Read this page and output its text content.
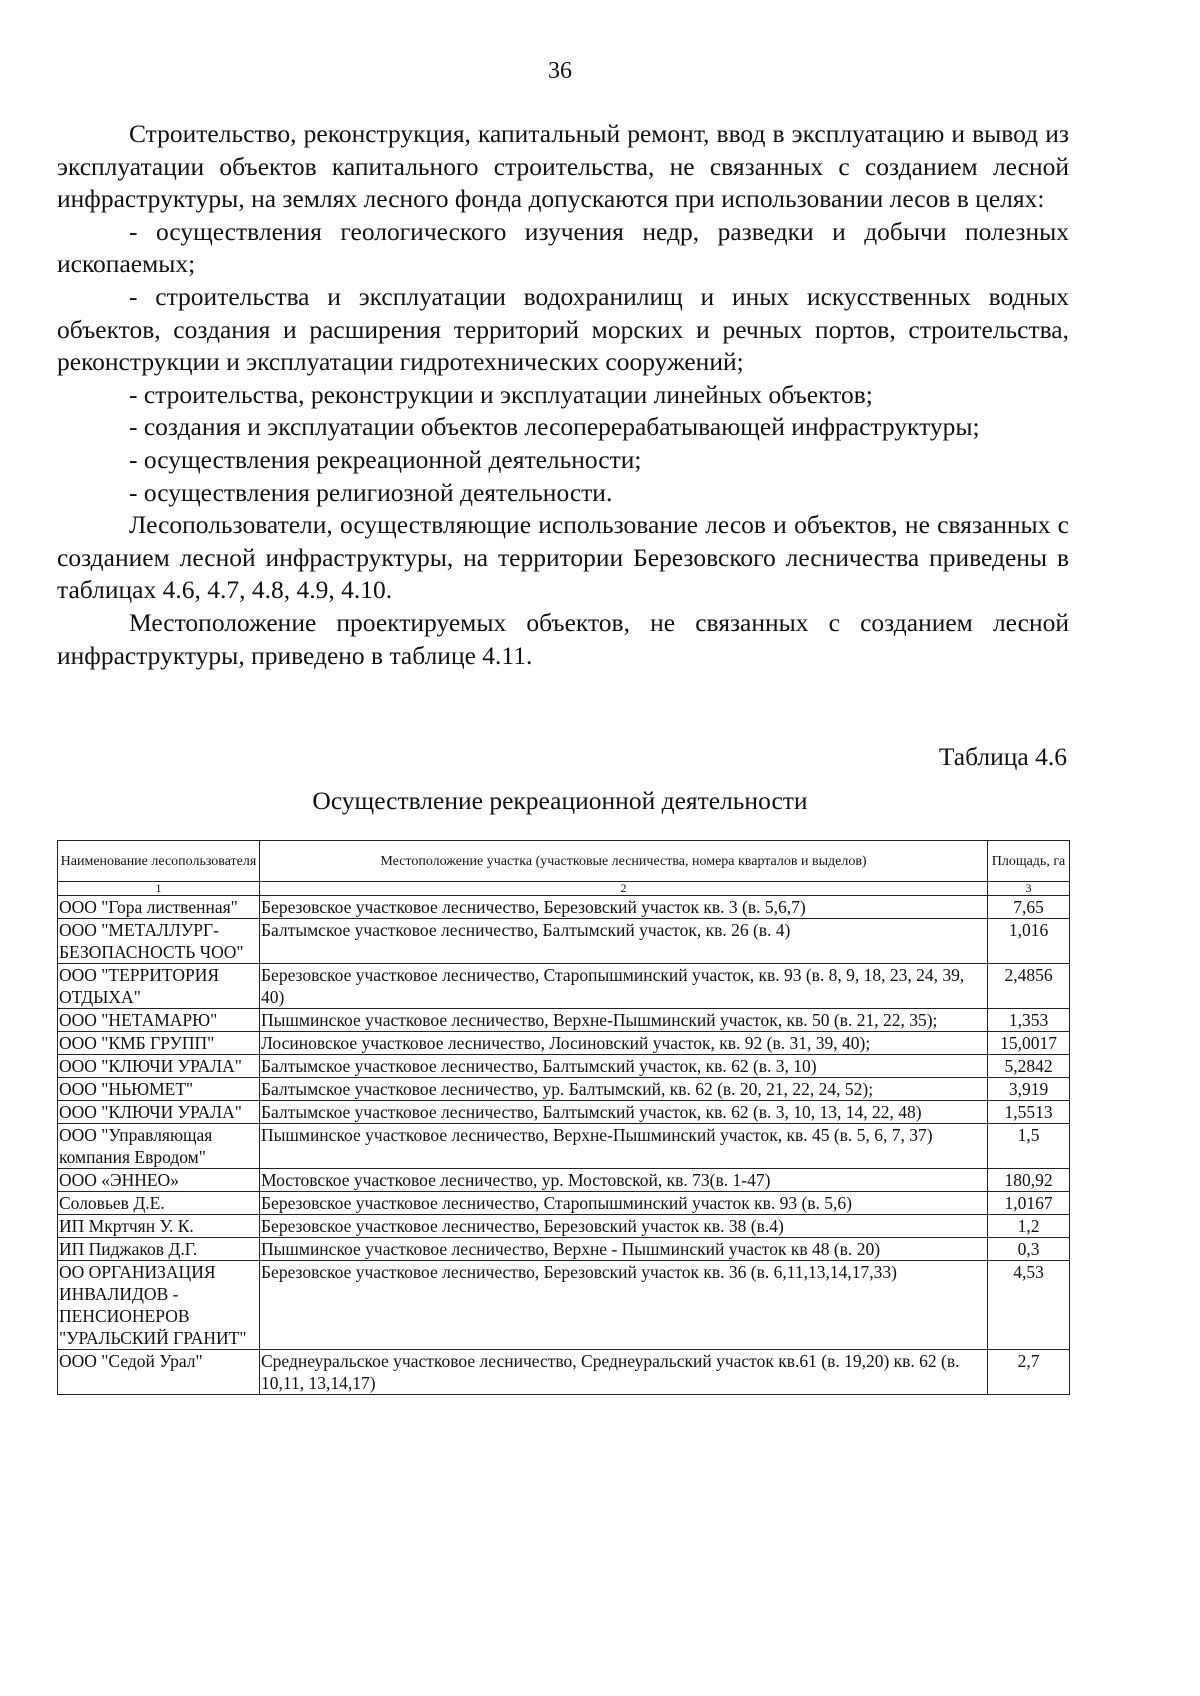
36

Строительство, реконструкция, капитальный ремонт, ввод в эксплуатацию и вывод из эксплуатации объектов капитального строительства, не связанных с созданием лесной инфраструктуры, на землях лесного фонда допускаются при использовании лесов в целях:

- осуществления геологического изучения недр, разведки и добычи полезных ископаемых;

- строительства и эксплуатации водохранилищ и иных искусственных водных объектов, создания и расширения территорий морских и речных портов, строительства, реконструкции и эксплуатации гидротехнических сооружений;

- строительства, реконструкции и эксплуатации линейных объектов;

- создания и эксплуатации объектов лесоперерабатывающей инфраструктуры;

- осуществления рекреационной деятельности;

- осуществления религиозной деятельности.

Лесопользователи, осуществляющие использование лесов и объектов, не связанных с созданием лесной инфраструктуры, на территории Березовского лесничества приведены в таблицах 4.6, 4.7, 4.8, 4.9, 4.10.

Местоположение проектируемых объектов, не связанных с созданием лесной инфраструктуры, приведено в таблице 4.11.

Таблица 4.6
Осуществление рекреационной деятельности
Наименование лесопользователя	Местоположение участка (участковые лесничества, номера кварталов и выделов)	Площадь, га
1	2	3
ООО "Гора лиственная"	Березовское участковое лесничество, Березовский участок кв. 3 (в. 5,6,7)	7,65
ООО "МЕТАЛЛУРГ-БЕЗОПАСНОСТЬ ЧОО"	Балтымское участковое лесничество, Балтымский участок, кв. 26 (в. 4)	1,016
ООО "ТЕРРИТОРИЯ ОТДЫХА"	Березовское участковое лесничество, Старопышминский участок, кв. 93 (в. 8, 9, 18, 23, 24, 39, 40)	2,4856
ООО "НЕТАМАРЮ"	Пышминское участковое лесничество, Верхне-Пышминский участок, кв. 50 (в. 21, 22, 35);	1,353
ООО "КМБ ГРУПП"	Лосиновское участковое лесничество, Лосиновский участок, кв. 92 (в. 31, 39, 40);	15,0017
ООО "КЛЮЧИ УРАЛА"	Балтымское участковое лесничество, Балтымский участок, кв. 62 (в. 3, 10)	5,2842
ООО "НЬЮМЕТ"	Балтымское участковое лесничество, ур. Балтымский, кв. 62 (в. 20, 21, 22, 24, 52);	3,919
ООО "КЛЮЧИ УРАЛА"	Балтымское участковое лесничество, Балтымский участок, кв. 62 (в. 3, 10, 13, 14, 22, 48)	1,5513
ООО "Управляющая компания Евродом"	Пышминское участковое лесничество, Верхне-Пышминский участок, кв. 45 (в. 5, 6, 7, 37)	1,5
ООО «ЭННЕО»	Мостовское участковое лесничество, ур. Мостовской, кв. 73(в. 1-47)	180,92
Соловьев Д.Е.	Березовское участковое лесничество, Старопышминский участок кв. 93 (в. 5,6)	1,0167
ИП Мкртчян У. К.	Березовское участковое лесничество, Березовский участок кв. 38 (в.4)	1,2
ИП Пиджаков Д.Г.	Пышминское участковое лесничество, Верхне - Пышминский участок кв 48 (в. 20)	0,3
ОО ОРГАНИЗАЦИЯ ИНВАЛИДОВ - ПЕНСИОНЕРОВ "УРАЛЬСКИЙ ГРАНИТ"	Березовское участковое лесничество, Березовский участок кв. 36 (в. 6,11,13,14,17,33)	4,53
ООО "Седой Урал"	Среднеуральское участковое лесничество, Среднеуральский участок кв.61 (в. 19,20) кв. 62 (в. 10,11, 13,14,17)	2,7
